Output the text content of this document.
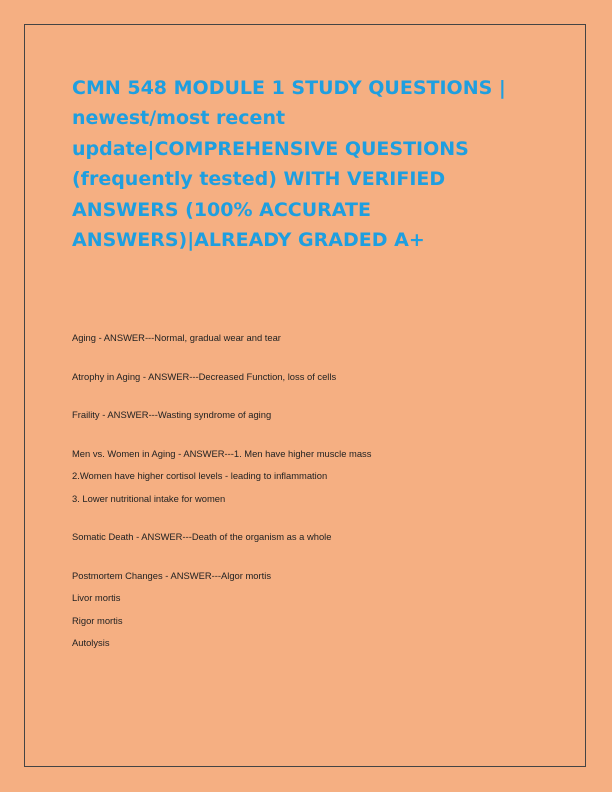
CMN 548 MODULE 1 STUDY QUESTIONS | newest/most recent update|COMPREHENSIVE QUESTIONS (frequently tested) WITH VERIFIED ANSWERS (100% ACCURATE ANSWERS)|ALREADY GRADED A+
Aging - ANSWER---Normal, gradual wear and tear
Atrophy in Aging - ANSWER---Decreased Function, loss of cells
Fraility - ANSWER---Wasting syndrome of aging
Men vs. Women in Aging - ANSWER---1. Men have higher muscle mass
2.Women have higher cortisol levels - leading to inflammation
3. Lower nutritional intake for women
Somatic Death - ANSWER---Death of the organism as a whole
Postmortem Changes - ANSWER---Algor mortis
Livor mortis
Rigor mortis
Autolysis
